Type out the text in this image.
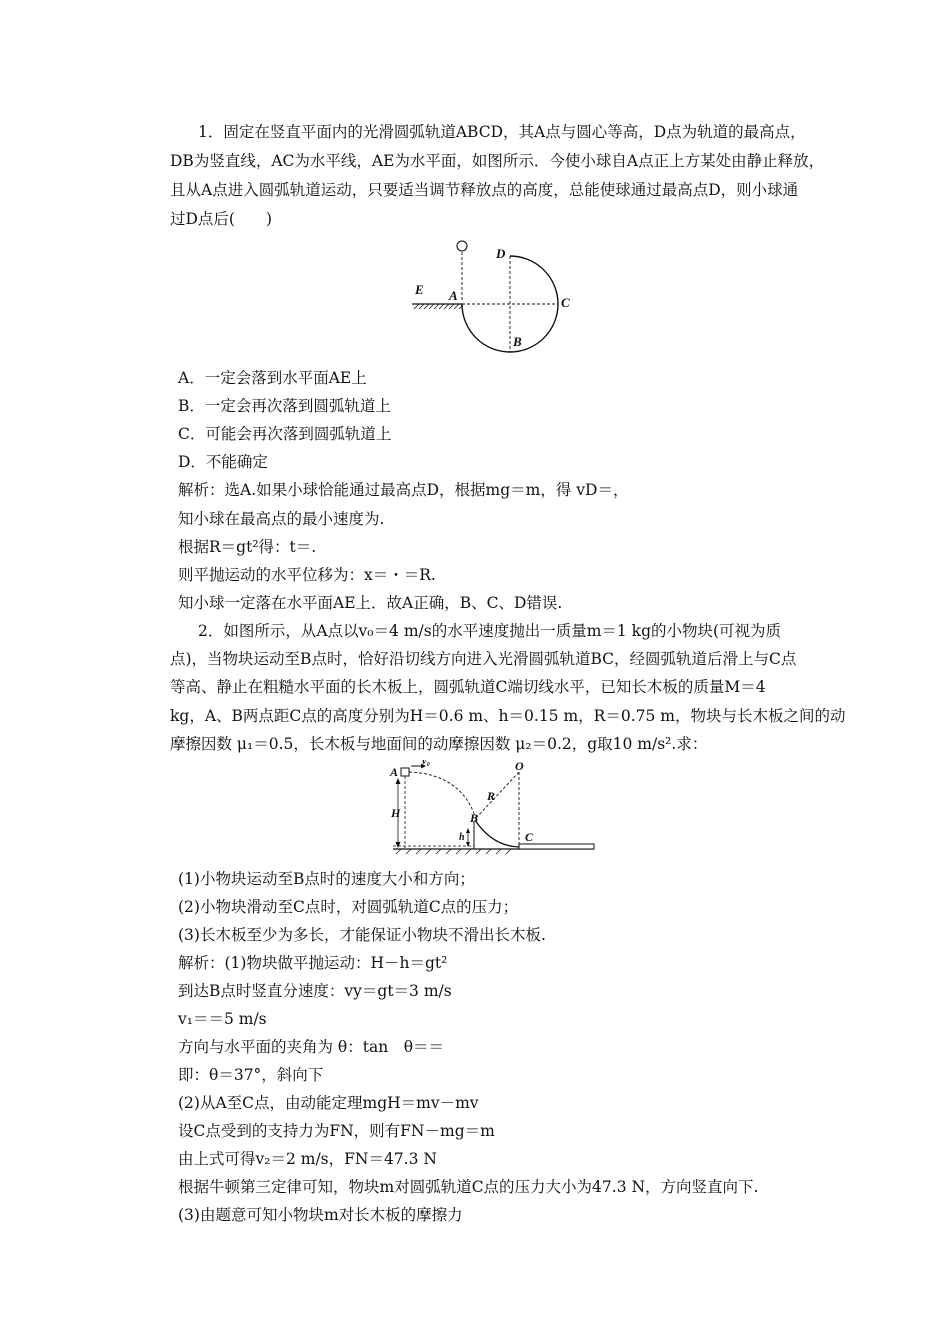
1．固定在竖直平面内的光滑圆弧轨道ABCD，其A点与圆心等高，D点为轨道的最高点，
DB为竖直线，AC为水平线，AE为水平面，如图所示．今使小球自A点正上方某处由静止释放，
且从A点进入圆弧轨道运动，只要适当调节释放点的高度，总能使球通过最高点D，则小球通
过D点后(　　)
D
E A	C
B
A．一定会落到水平面AE上
B．一定会再次落到圆弧轨道上
C．可能会再次落到圆弧轨道上
D．不能确定
解析：选A.如果小球恰能通过最高点D，根据mg＝m，得 vD＝，
知小球在最高点的最小速度为.
根据R＝gt²得：t＝.
则平抛运动的水平位移为：x＝・＝R.
知小球一定落在水平面AE上．故A正确，B、C、D错误.
2．如图所示，从A点以v₀＝4 m/s的水平速度抛出一质量m＝1 kg的小物块(可视为质
点)，当物块运动至B点时，恰好沿切线方向进入光滑圆弧轨道BC，经圆弧轨道后滑上与C点
等高、静止在粗糙水平面的长木板上，圆弧轨道C端切线水平，已知长木板的质量M＝4
kg，A、B两点距C点的高度分别为H＝0.6 m、h＝0.15 m，R＝0.75 m，物块与长木板之间的动
摩擦因数 μ₁＝0.5，长木板与地面间的动摩擦因数 μ₂＝0.2，g取10 m/s².求：
A
v₀	O
R
H	B
h	C
(1)小物块运动至B点时的速度大小和方向；
(2)小物块滑动至C点时，对圆弧轨道C点的压力；
(3)长木板至少为多长，才能保证小物块不滑出长木板.
解析：(1)物块做平抛运动：H－h＝gt²
到达B点时竖直分速度：vy＝gt＝3 m/s
v₁＝＝5 m/s
方向与水平面的夹角为 θ：tan　θ＝＝
即：θ＝37°，斜向下
(2)从A至C点，由动能定理mgH＝mv－mv
设C点受到的支持力为FN，则有FN－mg＝m
由上式可得v₂＝2 m/s，FN＝47.3 N
根据牛顿第三定律可知，物块m对圆弧轨道C点的压力大小为47.3 N，方向竖直向下.
(3)由题意可知小物块m对长木板的摩擦力
